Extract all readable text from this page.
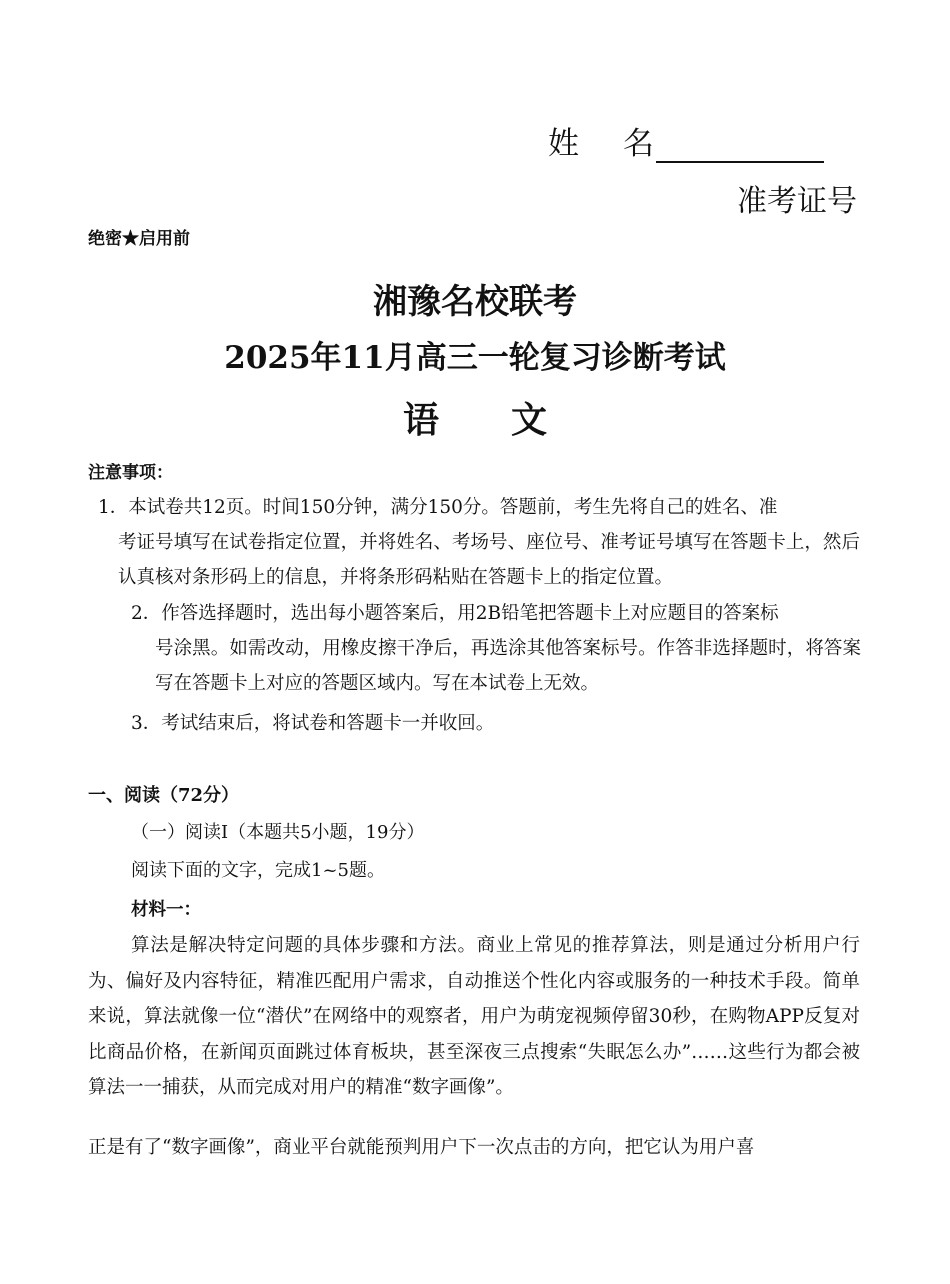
姓 名
准考证号
绝密★启用前
湘豫名校联考
2025年11月高三一轮复习诊断考试
语 文
注意事项：
1．本试卷共12页。时间150分钟，满分150分。答题前，考生先将自己的姓名、准
考证号填写在试卷指定位置，并将姓名、考场号、座位号、准考证号填写在答题卡上，然后认真核对条形码上的信息，并将条形码粘贴在答题卡上的指定位置。
2．作答选择题时，选出每小题答案后，用2B铅笔把答题卡上对应题目的答案标
号涂黑。如需改动，用橡皮擦干净后，再选涂其他答案标号。作答非选择题时，将答案写在答题卡上对应的答题区域内。写在本试卷上无效。
3．考试结束后，将试卷和答题卡一并收回。
一、阅读（72分）
（一）阅读Ⅰ（本题共5小题，19分）
阅读下面的文字，完成1~5题。
材料一：
算法是解决特定问题的具体步骤和方法。商业上常见的推荐算法，则是通过分析用户行为、偏好及内容特征，精准匹配用户需求，自动推送个性化内容或服务的一种技术手段。简单来说，算法就像一位“潜伏”在网络中的观察者，用户为萌宠视频停留30秒，在购物APP反复对比商品价格，在新闻页面跳过体育板块，甚至深夜三点搜索“失眠怎么办”……这些行为都会被算法一一捕获，从而完成对用户的精准“数字画像”。
正是有了“数字画像”，商业平台就能预判用户下一次点击的方向，把它认为用户喜
